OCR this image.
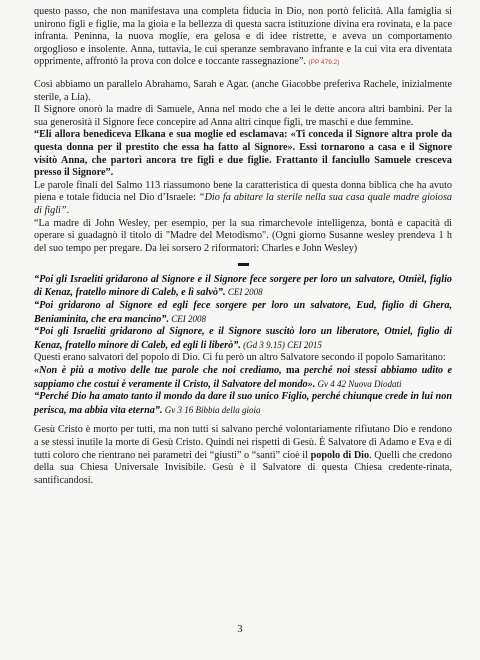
questo passo, che non manifestava una completa fiducia in Dio, non portò felicità. Alla famiglia si unirono figli e figlie, ma la gioia e la bellezza di questa sacra istituzione divina era rovinata, e la pace infranta. Peninna, la nuova moglie, era gelosa e di idee ristrette, e aveva un comportamento orgoglioso e insolente. Anna, tuttavia, le cui speranze sembravano infrante e la cui vita era diventata opprimente, affrontò la prova con dolce e toccante rassegnazione”. (PP 479.2)

Così abbiamo un parallelo Abrahamo, Sarah e Agar. (anche Giacobbe preferiva Rachele, inizialmente sterile, a Lia).

Il Signore onorò la madre di Samuele, Anna nel modo che a lei le dette ancora altri bambini. Per la sua generosità il Signore fece concepire ad Anna altri cinque figli, tre maschi e due femmine.

“Eli allora benediceva Elkana e sua moglie ed esclamava: «Ti conceda il Signore altra prole da questa donna per il prestito che essa ha fatto al Signore». Essi tornarono a casa e il Signore visitò Anna, che partorì ancora tre figli e due figlie. Frattanto il fanciullo Samuele cresceva presso il Signore”.

Le parole finali del Salmo 113 riassumono bene la caratteristica di questa donna biblica che ha avuto piena e totale fiducia nel Dio d’Israele: “Dio fa abitare la sterile nella sua casa quale madre gioiosa di figli”.

“La madre di John Wesley, per esempio, per la sua rimarchevole intelligenza, bontà e capacità di operare si guadagnò il titolo di "Madre del Metodismo". (Ogni giorno Susanne wesley prendeva 1 h del suo tempo per pregare. Da lei sorsero 2 riformatori: Charles e John Wesley)

“Poi gli Israeliti gridarono al Signore e il Signore fece sorgere per loro un salvatore, Otnièl, figlio di Kenaz, fratello minore di Caleb, e lì salvò”. CEI 2008

“Poi gridarono al Signore ed egli fece sorgere per loro un salvatore, Eud, figlio di Ghera, Beniaminita, che era mancino”. CEI 2008

“Poi gli Israeliti gridarono al Signore, e il Signore suscitò loro un liberatore, Otniel, figlio di Kenaz, fratello minore di Caleb, ed egli li liberò”. (Gd 3 9.15) CEI 2015

Questi erano salvatori del popolo di Dio. Ci fu però un altro Salvatore secondo il popolo Samaritano:

«Non è più a motivo delle tue parole che noi crediamo, ma perché noi stessi abbiamo udito e sappiamo che costui è veramente il Cristo, il Salvatore del mondo». Gv 4 42 Nuova Diodati

“Perché Dio ha amato tanto il mondo da dare il suo unico Figlio, perché chiunque crede in lui non perisca, ma abbia vita eterna”. Gv 3 16 Bibbia della gioia

Gesù Cristo è morto per tutti, ma non tutti si salvano perché volontariamente rifiutano Dio e rendono a se stessi inutile la morte di Gesù Cristo. Quindi nei rispetti di Gesù. È Salvatore di Adamo e Eva e di tutti coloro che rientrano nei parametri dei “giusti” o “santi” cioè il popolo di Dio. Quelli che credono della sua Chiesa Universale Invisibile. Gesù è il Salvatore di questa Chiesa credente-rinata, santificandosi.

3
